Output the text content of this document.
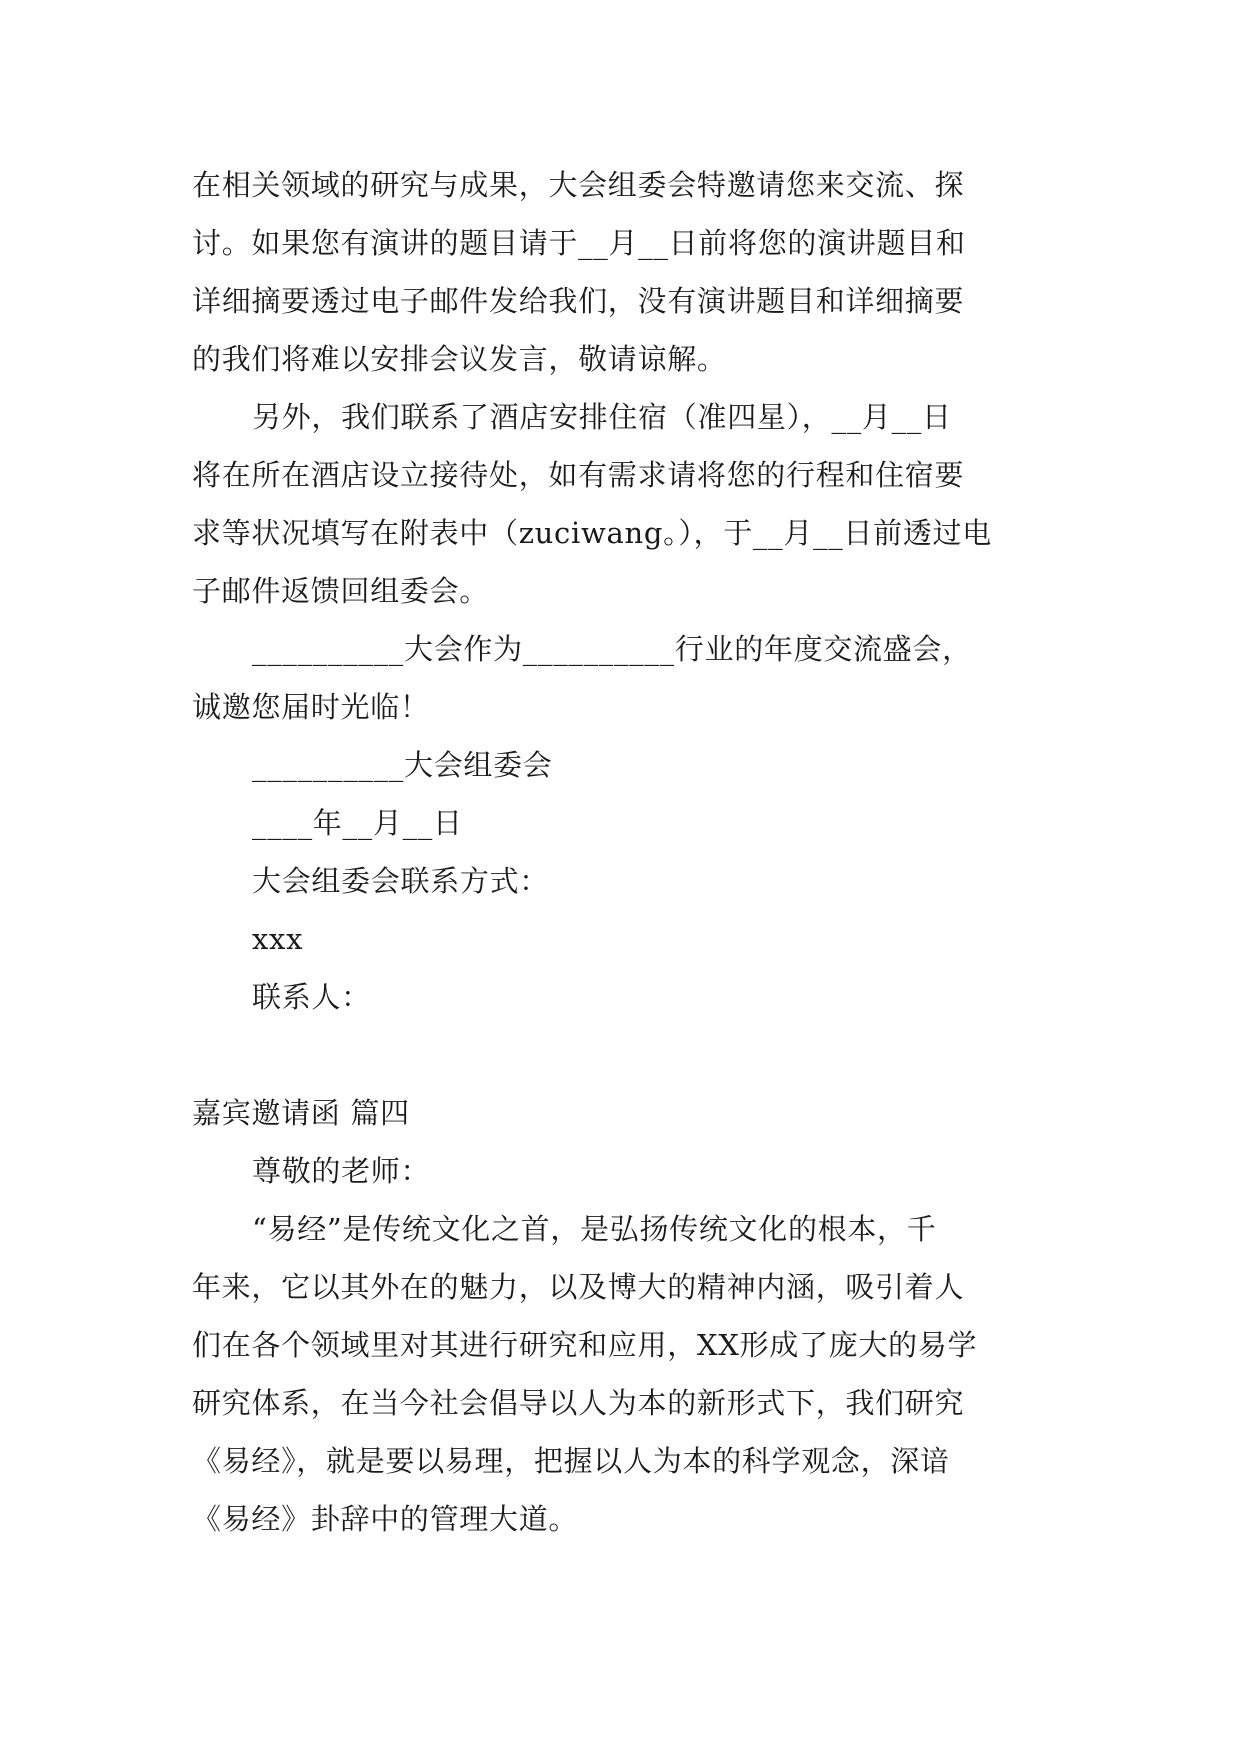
在相关领域的研究与成果，大会组委会特邀请您来交流、探
讨。如果您有演讲的题目请于__月__日前将您的演讲题目和
详细摘要透过电子邮件发给我们，没有演讲题目和详细摘要
的我们将难以安排会议发言，敬请谅解。
另外，我们联系了酒店安排住宿（准四星），__月__日
将在所在酒店设立接待处，如有需求请将您的行程和住宿要
求等状况填写在附表中（zuciwang。），于__月__日前透过电
子邮件返馈回组委会。
__________大会作为__________行业的年度交流盛会，
诚邀您届时光临！
__________大会组委会
____年__月__日
大会组委会联系方式：
xxx
联系人：
嘉宾邀请函 篇四
尊敬的老师：
“易经”是传统文化之首，是弘扬传统文化的根本，千
年来，它以其外在的魅力，以及博大的精神内涵，吸引着人
们在各个领域里对其进行研究和应用，XX形成了庞大的易学
研究体系，在当今社会倡导以人为本的新形式下，我们研究
《易经》，就是要以易理，把握以人为本的科学观念，深谙
《易经》卦辞中的管理大道。
